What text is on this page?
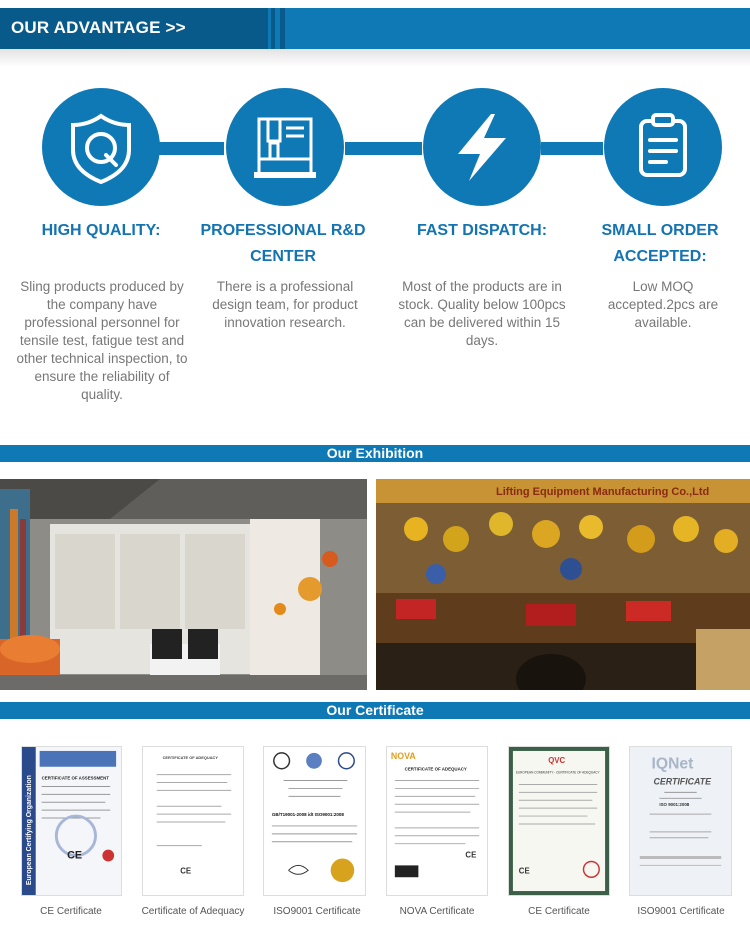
OUR ADVANTAGE >>
HIGH QUALITY:	PROFESSIONAL R&D CENTER
FAST DISPATCH:	SMALL ORDER ACCEPTED:
Sling products produced by the company have professional personnel for tensile test, fatigue test and other technical inspection, to ensure the reliability of quality.
There is a professional design team, for product innovation research.
Most of the products are in stock. Quality below 100pcs can be delivered within 15 days.
Low MOQ accepted.2pcs are available.
Our Exhibition
Lifting Equipment Manufacturing Co.,Ltd
Our Certificate
European Certifying Organization CERTIFICATE OF ASSESSMENT
CE
CERTIFICATE OF ADEQUACY
CE
GB/T19001-2008 idt ISO9001:2008
NOVA
CERTIFICATE OF ADEQUACY
CE
QVC
EUROPEAN COMMUNITY - CERTIFICATE OF ADEQUACY
CE
IQNet
CERTIFICATE
ISO 9001:2008
CE Certificate	Certificate of Adequacy	ISO9001 Certificate	NOVA Certificate	CE Certificate	ISO9001 Certificate
